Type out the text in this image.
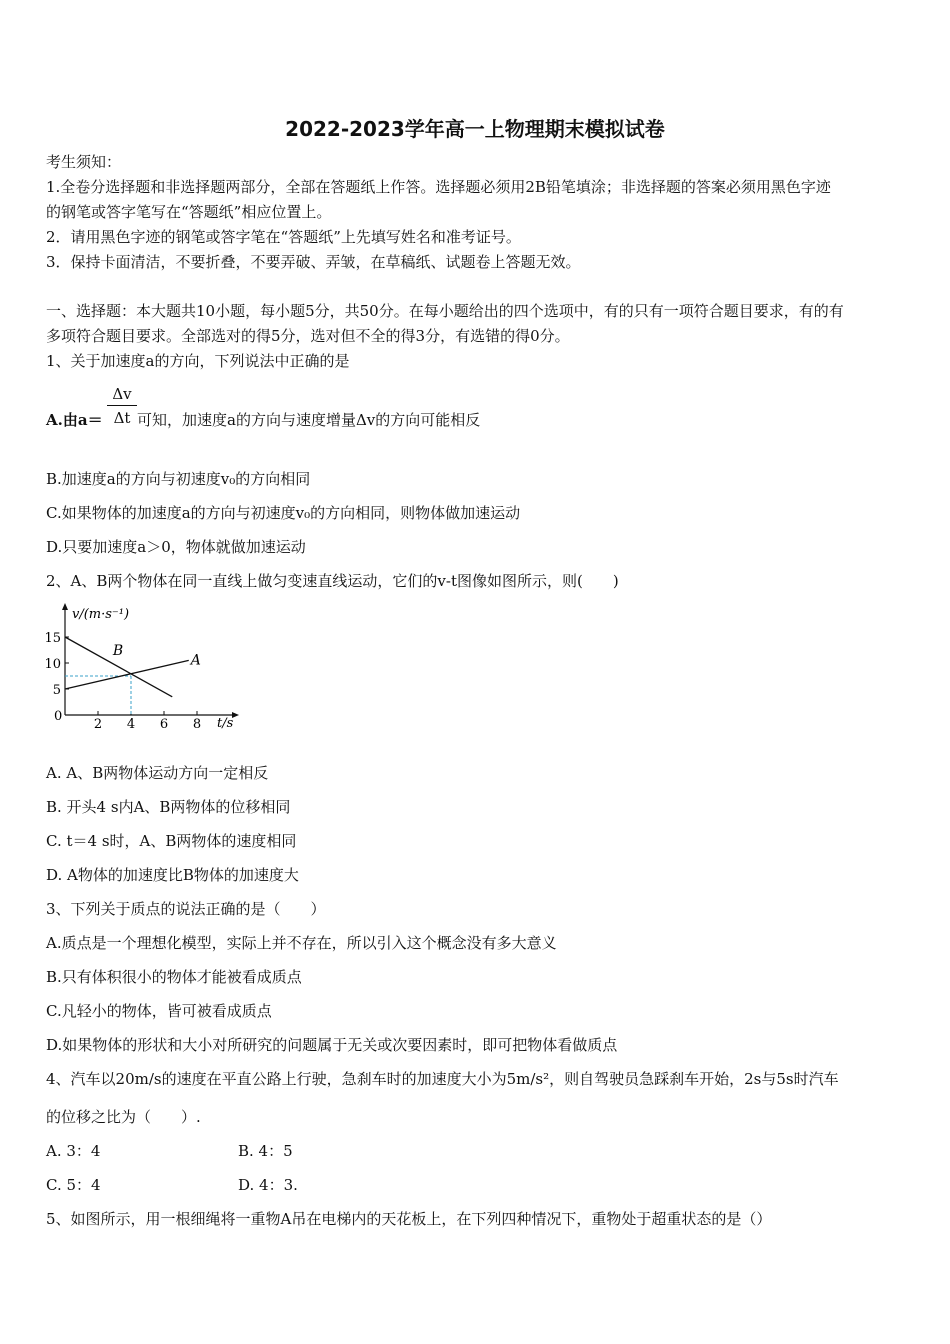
2022-2023学年高一上物理期末模拟试卷
考生须知：
1.全卷分选择题和非选择题两部分，全部在答题纸上作答。选择题必须用2B铅笔填涂；非选择题的答案必须用黑色字迹
的钢笔或答字笔写在“答题纸”相应位置上。
2．请用黑色字迹的钢笔或答字笔在“答题纸”上先填写姓名和准考证号。
3．保持卡面清洁，不要折叠，不要弄破、弄皱，在草稿纸、试题卷上答题无效。
一、选择题：本大题共10小题，每小题5分，共50分。在每小题给出的四个选项中，有的只有一项符合题目要求，有的有
多项符合题目要求。全部选对的得5分，选对但不全的得3分，有选错的得0分。
1、关于加速度a的方向，下列说法中正确的是
$\frac{\Delta v}{\Delta t}$
A.由a＝ 可知，加速度a的方向与速度增量Δv的方向可能相反
B.加速度a的方向与初速度v₀的方向相同
C.如果物体的加速度a的方向与初速度v₀的方向相同，则物体做加速运动
D.只要加速度a＞0，物体就做加速运动
2、A、B两个物体在同一直线上做匀变速直线运动，它们的v-t图像如图所示，则(　　)
v/(m·s⁻¹)
t/s
0
2 4 6 8
5
10
15
A
B
A. A、B两物体运动方向一定相反
B. 开头4 s内A、B两物体的位移相同
C. t＝4 s时，A、B两物体的速度相同
D. A物体的加速度比B物体的加速度大
3、下列关于质点的说法正确的是（　　）
A.质点是一个理想化模型，实际上并不存在，所以引入这个概念没有多大意义
B.只有体积很小的物体才能被看成质点
C.凡轻小的物体，皆可被看成质点
D.如果物体的形状和大小对所研究的问题属于无关或次要因素时，即可把物体看做质点
4、汽车以20m/s的速度在平直公路上行驶，急刹车时的加速度大小为5m/s²，则自驾驶员急踩刹车开始，2s与5s时汽车
的位移之比为（　　）.
A. 3：4	B. 4：5
C. 5：4	D. 4：3.
5、如图所示，用一根细绳将一重物A吊在电梯内的天花板上，在下列四种情况下，重物处于超重状态的是（）
